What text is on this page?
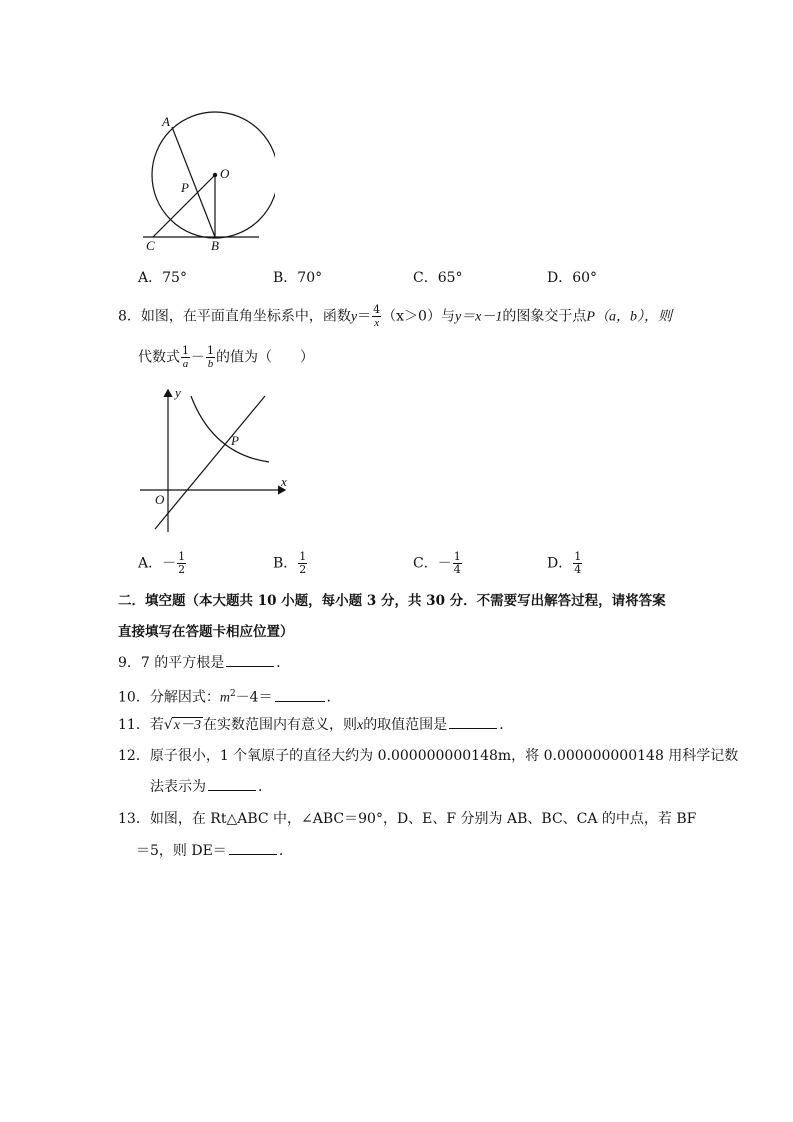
A
O
P
C	B
A．75°	B．70°	C．65°	D．60°
8．如图，在平面直角坐标系中，函数$y= \frac{4}{x} (x>0)$与y＝x－1的图象交于点P（a，b），则
代数式 $\frac{1}{a} - \frac{1}{b}$ 的值为（　　）
y
x
O
P
A．－ $\frac{1}{2}$	B． $\frac{1}{2}$	C．－ $\frac{1}{4}$	D． $\frac{1}{4}$
二．填空题（本大题共 10 小题，每小题 3 分，共 30 分．不需要写出解答过程，请将答案
直接填写在答题卡相应位置）
9．7 的平方根是	．
10．分解因式：$m^2-4=$	．
11．若√x－3 在实数范围内有意义，则x的取值范围是	．
12．原子很小，1 个氧原子的直径大约为 0.000000000148m，将 0.000000000148 用科学记数
法表示为	．
13．如图，在 Rt△ABC 中，∠ABC＝90°，D、E、F 分别为 AB、BC、CA 的中点，若 BF
＝5，则 DE＝	．
